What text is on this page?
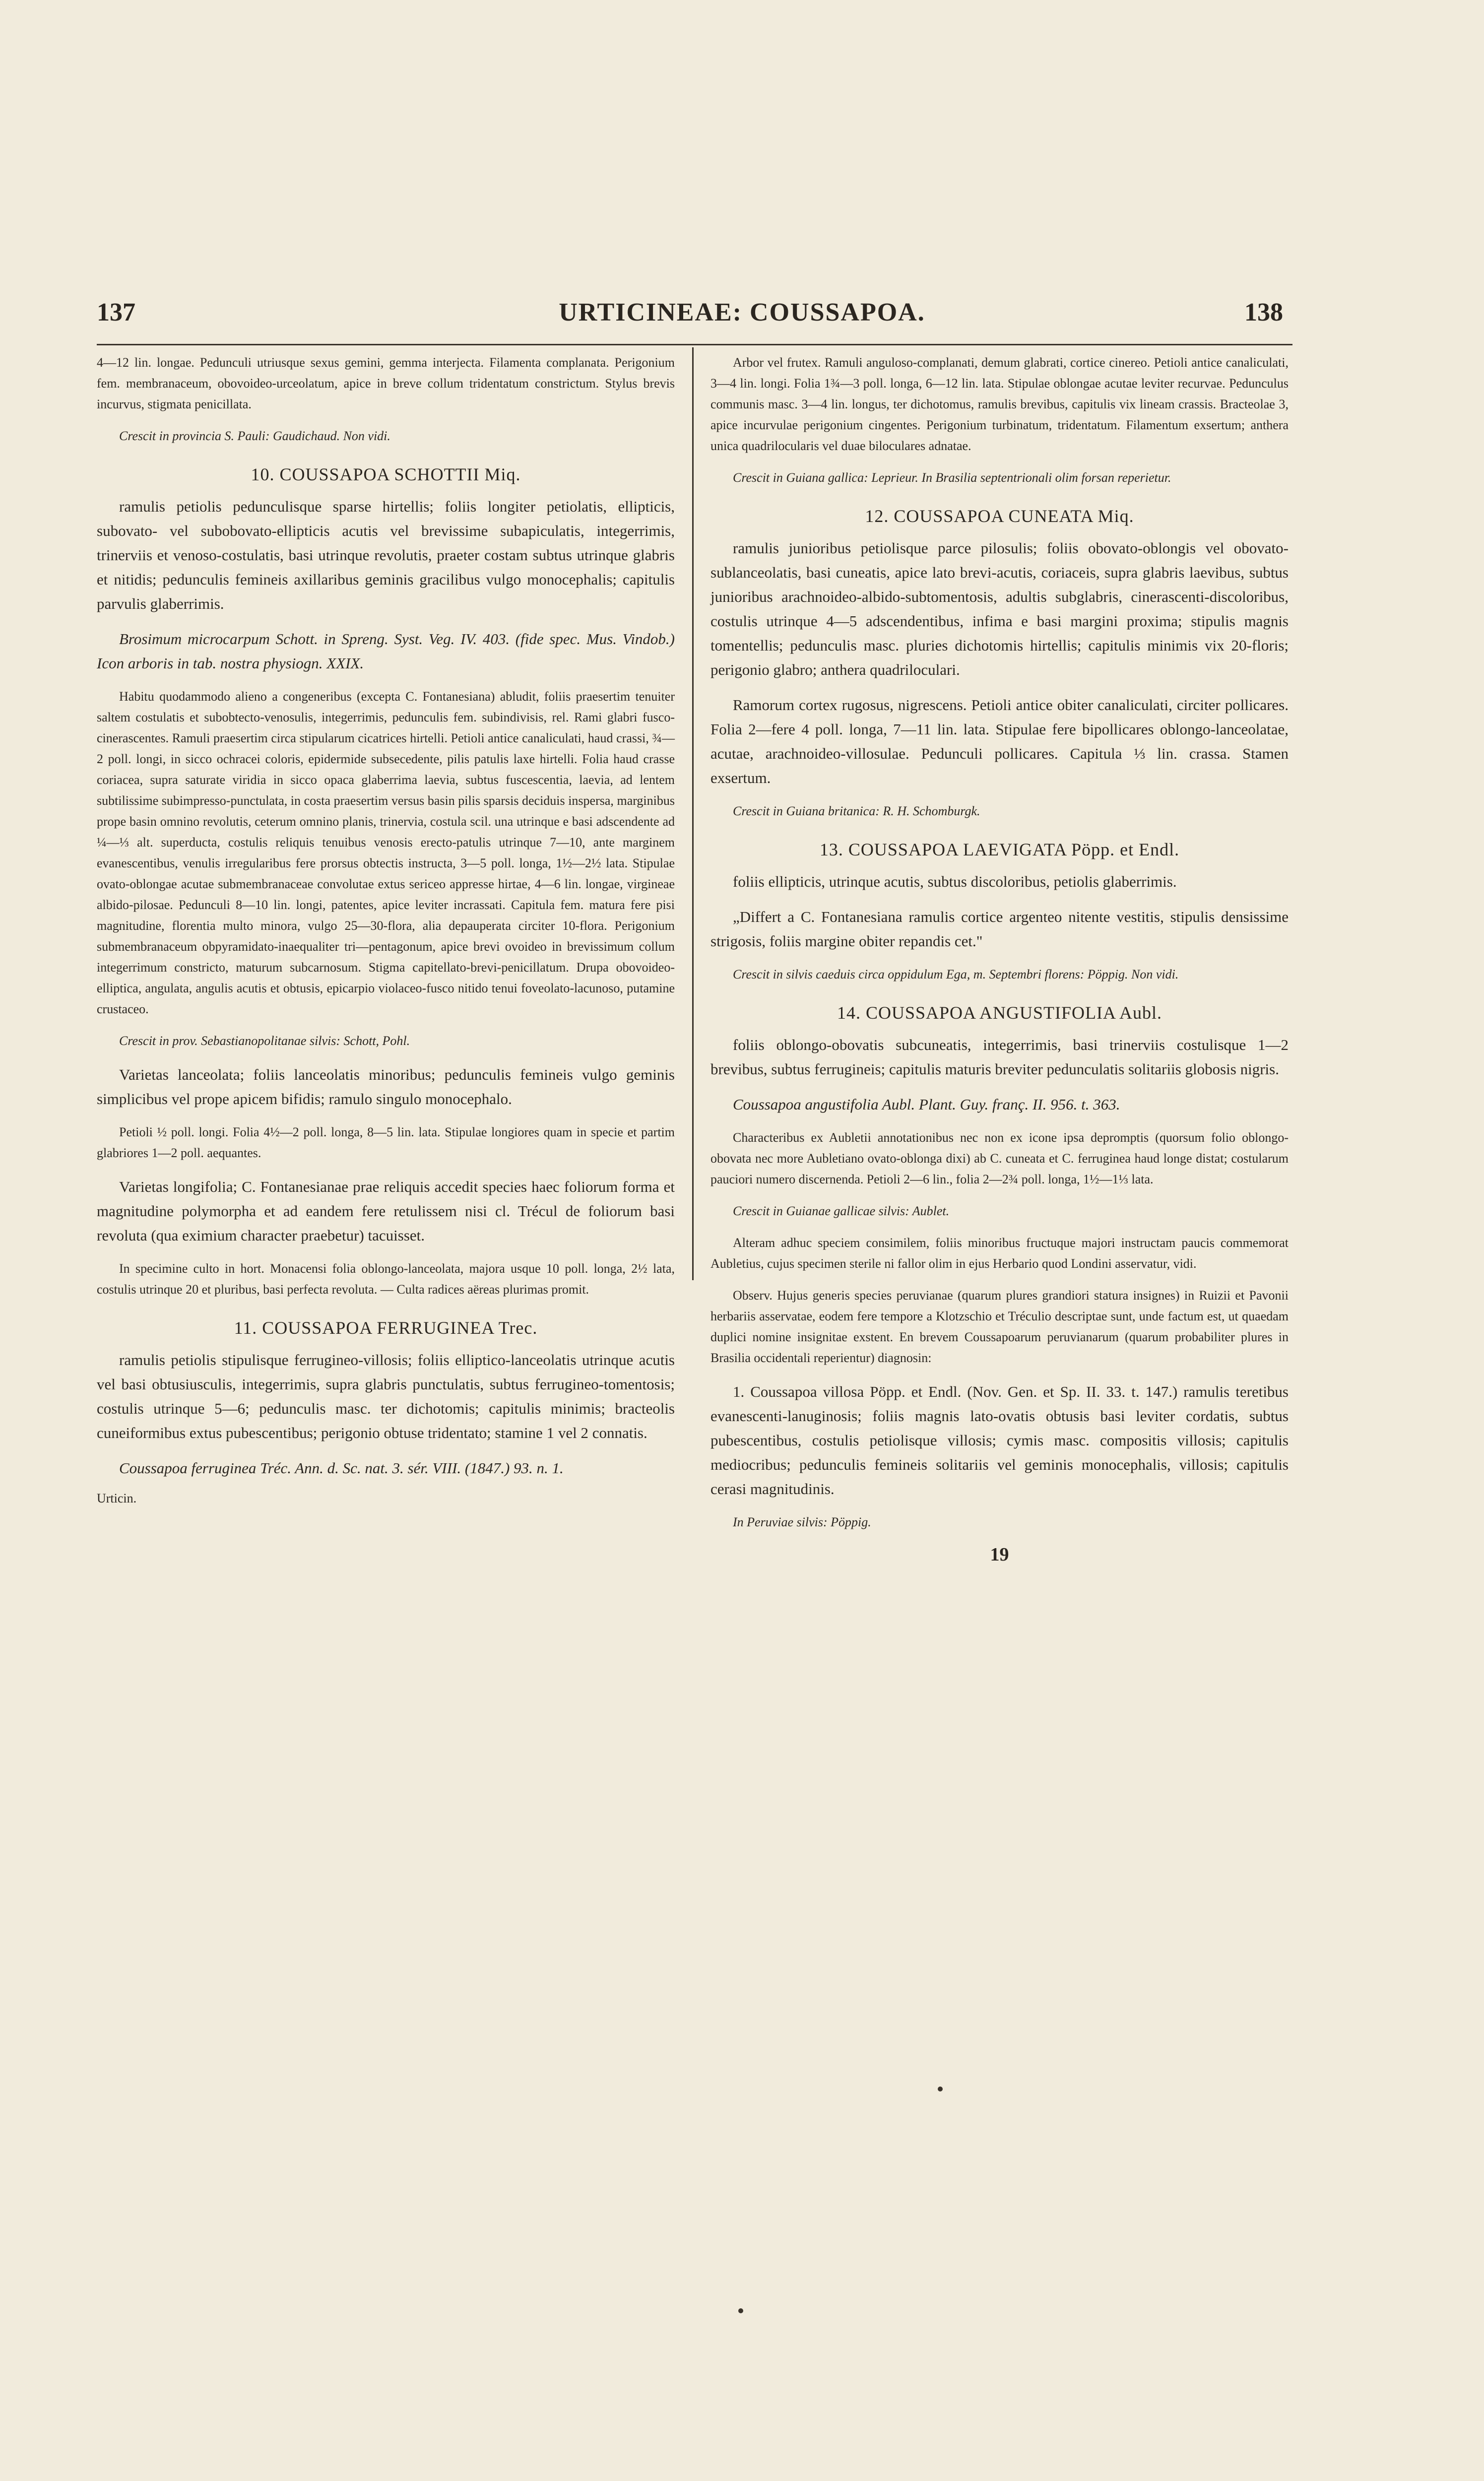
137	URTICINEAE: COUSSAPOA.	138

4—12 lin. longae. Pedunculi utriusque sexus gemini, gemma interjecta. Filamenta complanata. Perigonium fem. membranaceum, obovoideo-urceolatum, apice in breve collum tridentatum constrictum. Stylus brevis incurvus, stigmata penicillata.

Crescit in provincia S. Pauli: Gaudichaud. Non vidi.

10. COUSSAPOA SCHOTTII Miq.

ramulis petiolis pedunculisque sparse hirtellis; foliis longiter petiolatis, ellipticis, subovato- vel subobovato-ellipticis acutis vel brevissime subapiculatis, integerrimis, trinerviis et venoso-costulatis, basi utrinque revolutis, praeter costam subtus utrinque glabris et nitidis; pedunculis femineis axillaribus geminis gracilibus vulgo monocephalis; capitulis parvulis glaberrimis.

Brosimum microcarpum Schott. in Spreng. Syst. Veg. IV. 403. (fide spec. Mus. Vindob.) Icon arboris in tab. nostra physiogn. XXIX.

Habitu quodammodo alieno a congeneribus (excepta C. Fontanesiana) abludit, foliis praesertim tenuiter saltem costulatis et subobtecto-venosulis, integerrimis, pedunculis fem. subindivisis, rel. Rami glabri fusco-cinerascentes. Ramuli praesertim circa stipularum cicatrices hirtelli. Petioli antice canaliculati, haud crassi, ¾—2 poll. longi, in sicco ochracei coloris, epidermide subsecedente, pilis patulis laxe hirtelli. Folia haud crasse coriacea, supra saturate viridia in sicco opaca glaberrima laevia, subtus fuscescentia, laevia, ad lentem subtilissime subimpresso-punctulata, in costa praesertim versus basin pilis sparsis deciduis inspersa, marginibus prope basin omnino revolutis, ceterum omnino planis, trinervia, costula scil. una utrinque e basi adscendente ad ¼—⅓ alt. superducta, costulis reliquis tenuibus venosis erecto-patulis utrinque 7—10, ante marginem evanescentibus, venulis irregularibus fere prorsus obtectis instructa, 3—5 poll. longa, 1½—2½ lata. Stipulae ovato-oblongae acutae submembranaceae convolutae extus sericeo appresse hirtae, 4—6 lin. longae, virgineae albido-pilosae. Pedunculi 8—10 lin. longi, patentes, apice leviter incrassati. Capitula fem. matura fere pisi magnitudine, florentia multo minora, vulgo 25—30-flora, alia depauperata circiter 10-flora. Perigonium submembranaceum obpyramidato-inaequaliter tri—pentagonum, apice brevi ovoideo in brevissimum collum integerrimum constricto, maturum subcarnosum. Stigma capitellato-brevi-penicillatum. Drupa obovoideo-elliptica, angulata, angulis acutis et obtusis, epicarpio violaceo-fusco nitido tenui foveolato-lacunoso, putamine crustaceo.

Crescit in prov. Sebastianopolitanae silvis: Schott, Pohl.

Varietas lanceolata; foliis lanceolatis minoribus; pedunculis femineis vulgo geminis simplicibus vel prope apicem bifidis; ramulo singulo monocephalo.

Petioli ½ poll. longi. Folia 4½—2 poll. longa, 8—5 lin. lata. Stipulae longiores quam in specie et partim glabriores 1—2 poll. aequantes.

Varietas longifolia; C. Fontanesianae prae reliquis accedit species haec foliorum forma et magnitudine polymorpha et ad eandem fere retulissem nisi cl. Trécul de foliorum basi revoluta (qua eximium character praebetur) tacuisset.

In specimine culto in hort. Monacensi folia oblongo-lanceolata, majora usque 10 poll. longa, 2½ lata, costulis utrinque 20 et pluribus, basi perfecta revoluta. — Culta radices aëreas plurimas promit.

11. COUSSAPOA FERRUGINEA Trec.

ramulis petiolis stipulisque ferrugineo-villosis; foliis elliptico-lanceolatis utrinque acutis vel basi obtusiusculis, integerrimis, supra glabris punctulatis, subtus ferrugineo-tomentosis; costulis utrinque 5—6; pedunculis masc. ter dichotomis; capitulis minimis; bracteolis cuneiformibus extus pubescentibus; perigonio obtuse tridentato; stamine 1 vel 2 connatis.

Coussapoa ferruginea Tréc. Ann. d. Sc. nat. 3. sér. VIII. (1847.) 93. n. 1.

Urticin.

Arbor vel frutex. Ramuli anguloso-complanati, demum glabrati, cortice cinereo. Petioli antice canaliculati, 3—4 lin. longi. Folia 1¾—3 poll. longa, 6—12 lin. lata. Stipulae oblongae acutae leviter recurvae. Pedunculus communis masc. 3—4 lin. longus, ter dichotomus, ramulis brevibus, capitulis vix lineam crassis. Bracteolae 3, apice incurvulae perigonium cingentes. Perigonium turbinatum, tridentatum. Filamentum exsertum; anthera unica quadrilocularis vel duae biloculares adnatae.

Crescit in Guiana gallica: Leprieur. In Brasilia septentrionali olim forsan reperietur.

12. COUSSAPOA CUNEATA Miq.

ramulis junioribus petiolisque parce pilosulis; foliis obovato-oblongis vel obovato-sublanceolatis, basi cuneatis, apice lato brevi-acutis, coriaceis, supra glabris laevibus, subtus junioribus arachnoideo-albido-subtomentosis, adultis subglabris, cinerascenti-discoloribus, costulis utrinque 4—5 adscendentibus, infima e basi margini proxima; stipulis magnis tomentellis; pedunculis masc. pluries dichotomis hirtellis; capitulis minimis vix 20-floris; perigonio glabro; anthera quadriloculari.

Ramorum cortex rugosus, nigrescens. Petioli antice obiter canaliculati, circiter pollicares. Folia 2—fere 4 poll. longa, 7—11 lin. lata. Stipulae fere bipollicares oblongo-lanceolatae, acutae, arachnoideo-villosulae. Pedunculi pollicares. Capitula ⅓ lin. crassa. Stamen exsertum.

Crescit in Guiana britanica: R. H. Schomburgk.

13. COUSSAPOA LAEVIGATA Pöpp. et Endl.

foliis ellipticis, utrinque acutis, subtus discoloribus, petiolis glaberrimis.

„Differt a C. Fontanesiana ramulis cortice argenteo nitente vestitis, stipulis densissime strigosis, foliis margine obiter repandis cet."

Crescit in silvis caeduis circa oppidulum Ega, m. Septembri florens: Pöppig. Non vidi.

14. COUSSAPOA ANGUSTIFOLIA Aubl.

foliis oblongo-obovatis subcuneatis, integerrimis, basi trinerviis costulisque 1—2 brevibus, subtus ferrugineis; capitulis maturis breviter pedunculatis solitariis globosis nigris.

Coussapoa angustifolia Aubl. Plant. Guy. franç. II. 956. t. 363.

Characteribus ex Aubletii annotationibus nec non ex icone ipsa depromptis (quorsum folio oblongo-obovata nec more Aubletiano ovato-oblonga dixi) ab C. cuneata et C. ferruginea haud longe distat; costularum pauciori numero discernenda. Petioli 2—6 lin., folia 2—2¾ poll. longa, 1½—1⅓ lata.

Crescit in Guianae gallicae silvis: Aublet.

Alteram adhuc speciem consimilem, foliis minoribus fructuque majori instructam paucis commemorat Aubletius, cujus specimen sterile ni fallor olim in ejus Herbario quod Londini asservatur, vidi.

Observ. Hujus generis species peruvianae (quarum plures grandiori statura insignes) in Ruizii et Pavonii herbariis asservatae, eodem fere tempore a Klotzschio et Tréculio descriptae sunt, unde factum est, ut quaedam duplici nomine insignitae exstent. En brevem Coussapoarum peruvianarum (quarum probabiliter plures in Brasilia occidentali reperientur) diagnosin:

1. Coussapoa villosa Pöpp. et Endl. (Nov. Gen. et Sp. II. 33. t. 147.) ramulis teretibus evanescenti-lanuginosis; foliis magnis lato-ovatis obtusis basi leviter cordatis, subtus pubescentibus, costulis petiolisque villosis; cymis masc. compositis villosis; capitulis mediocribus; pedunculis femineis solitariis vel geminis monocephalis, villosis; capitulis cerasi magnitudinis.

In Peruviae silvis: Pöppig.

19
